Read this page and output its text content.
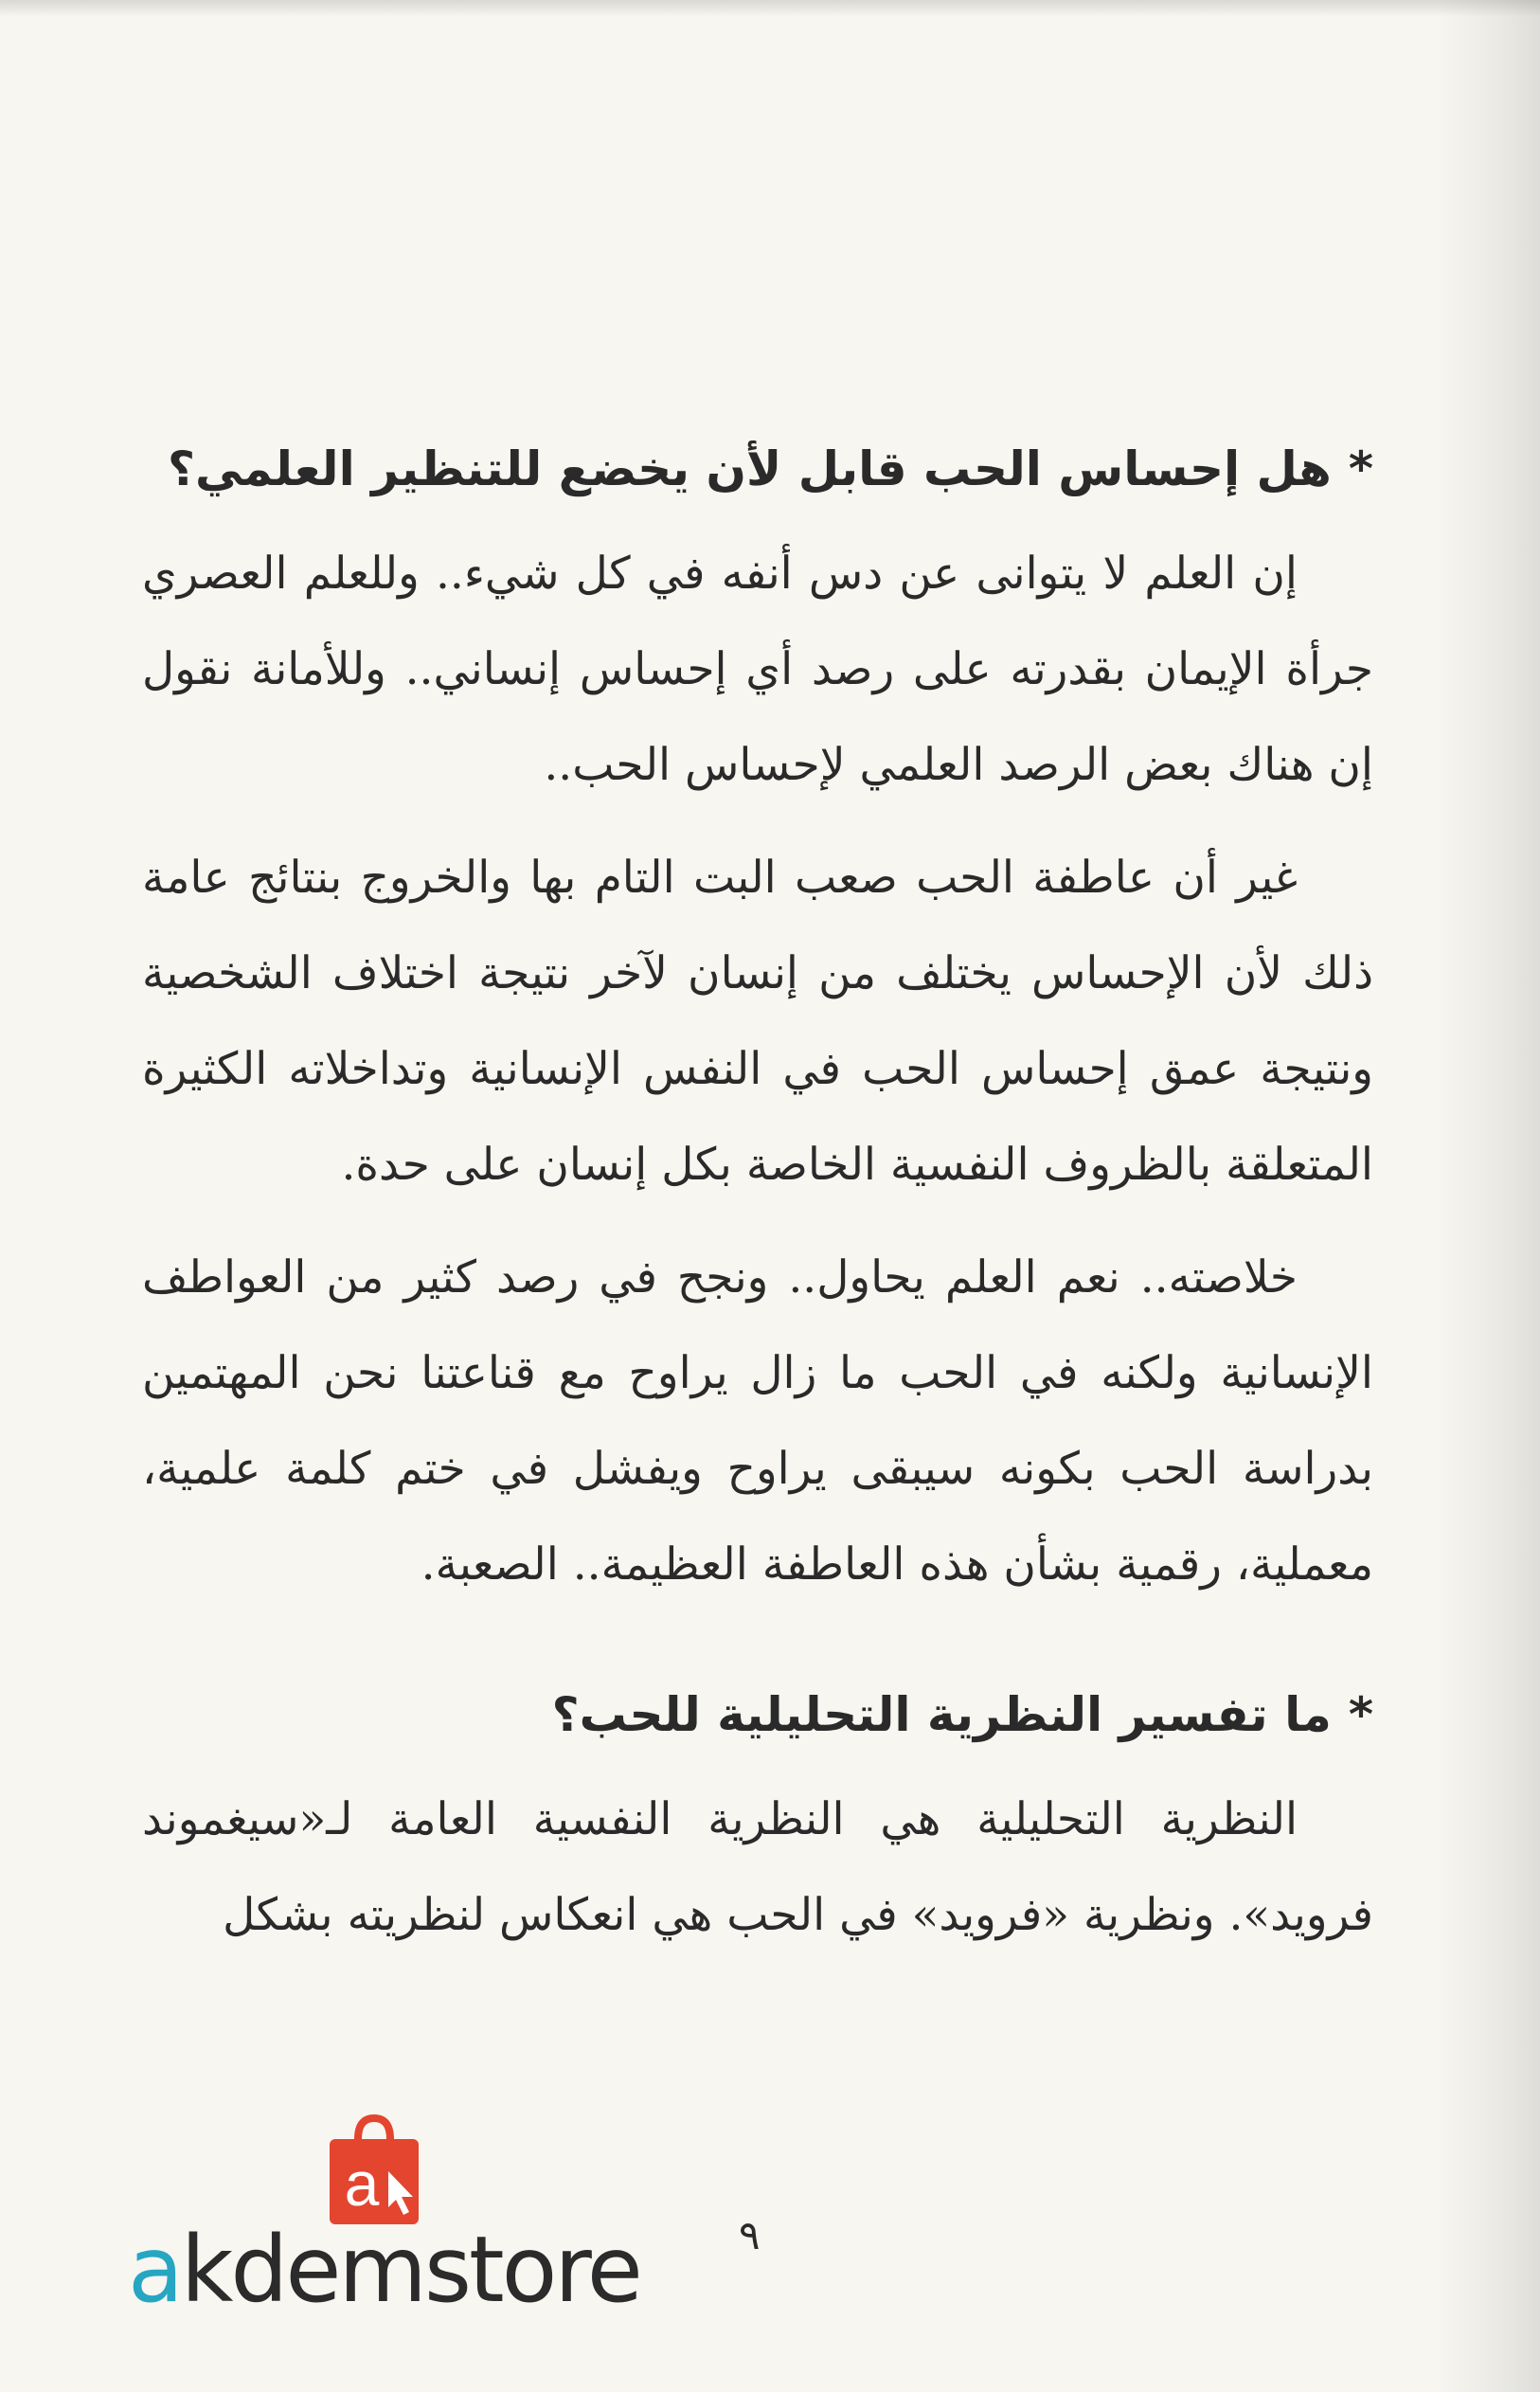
*هل إحساس الحب قابل لأن يخضع للتنظير العلمي؟

إن العلم لا يتوانى عن دس أنفه في كل شيء.. وللعلم العصري جرأة الإيمان بقدرته على رصد أي إحساس إنساني.. وللأمانة نقول إن هناك بعض الرصد العلمي لإحساس الحب..

غير أن عاطفة الحب صعب البت التام بها والخروج بنتائج عامة ذلك لأن الإحساس يختلف من إنسان لآخر نتيجة اختلاف الشخصية ونتيجة عمق إحساس الحب في النفس الإنسانية وتداخلاته الكثيرة المتعلقة بالظروف النفسية الخاصة بكل إنسان على حدة.

خلاصته.. نعم العلم يحاول.. ونجح في رصد كثير من العواطف الإنسانية ولكنه في الحب ما زال يراوح مع قناعتنا نحن المهتمين بدراسة الحب بكونه سيبقى يراوح ويفشل في ختم كلمة علمية، معملية، رقمية بشأن هذه العاطفة العظيمة.. الصعبة.

*ما تفسير النظرية التحليلية للحب؟

النظرية التحليلية هي النظرية النفسية العامة لـ«سيغموند فرويد». ونظرية «فرويد» في الحب هي انعكاس لنظريته بشكل

٩
a
akdemstore
